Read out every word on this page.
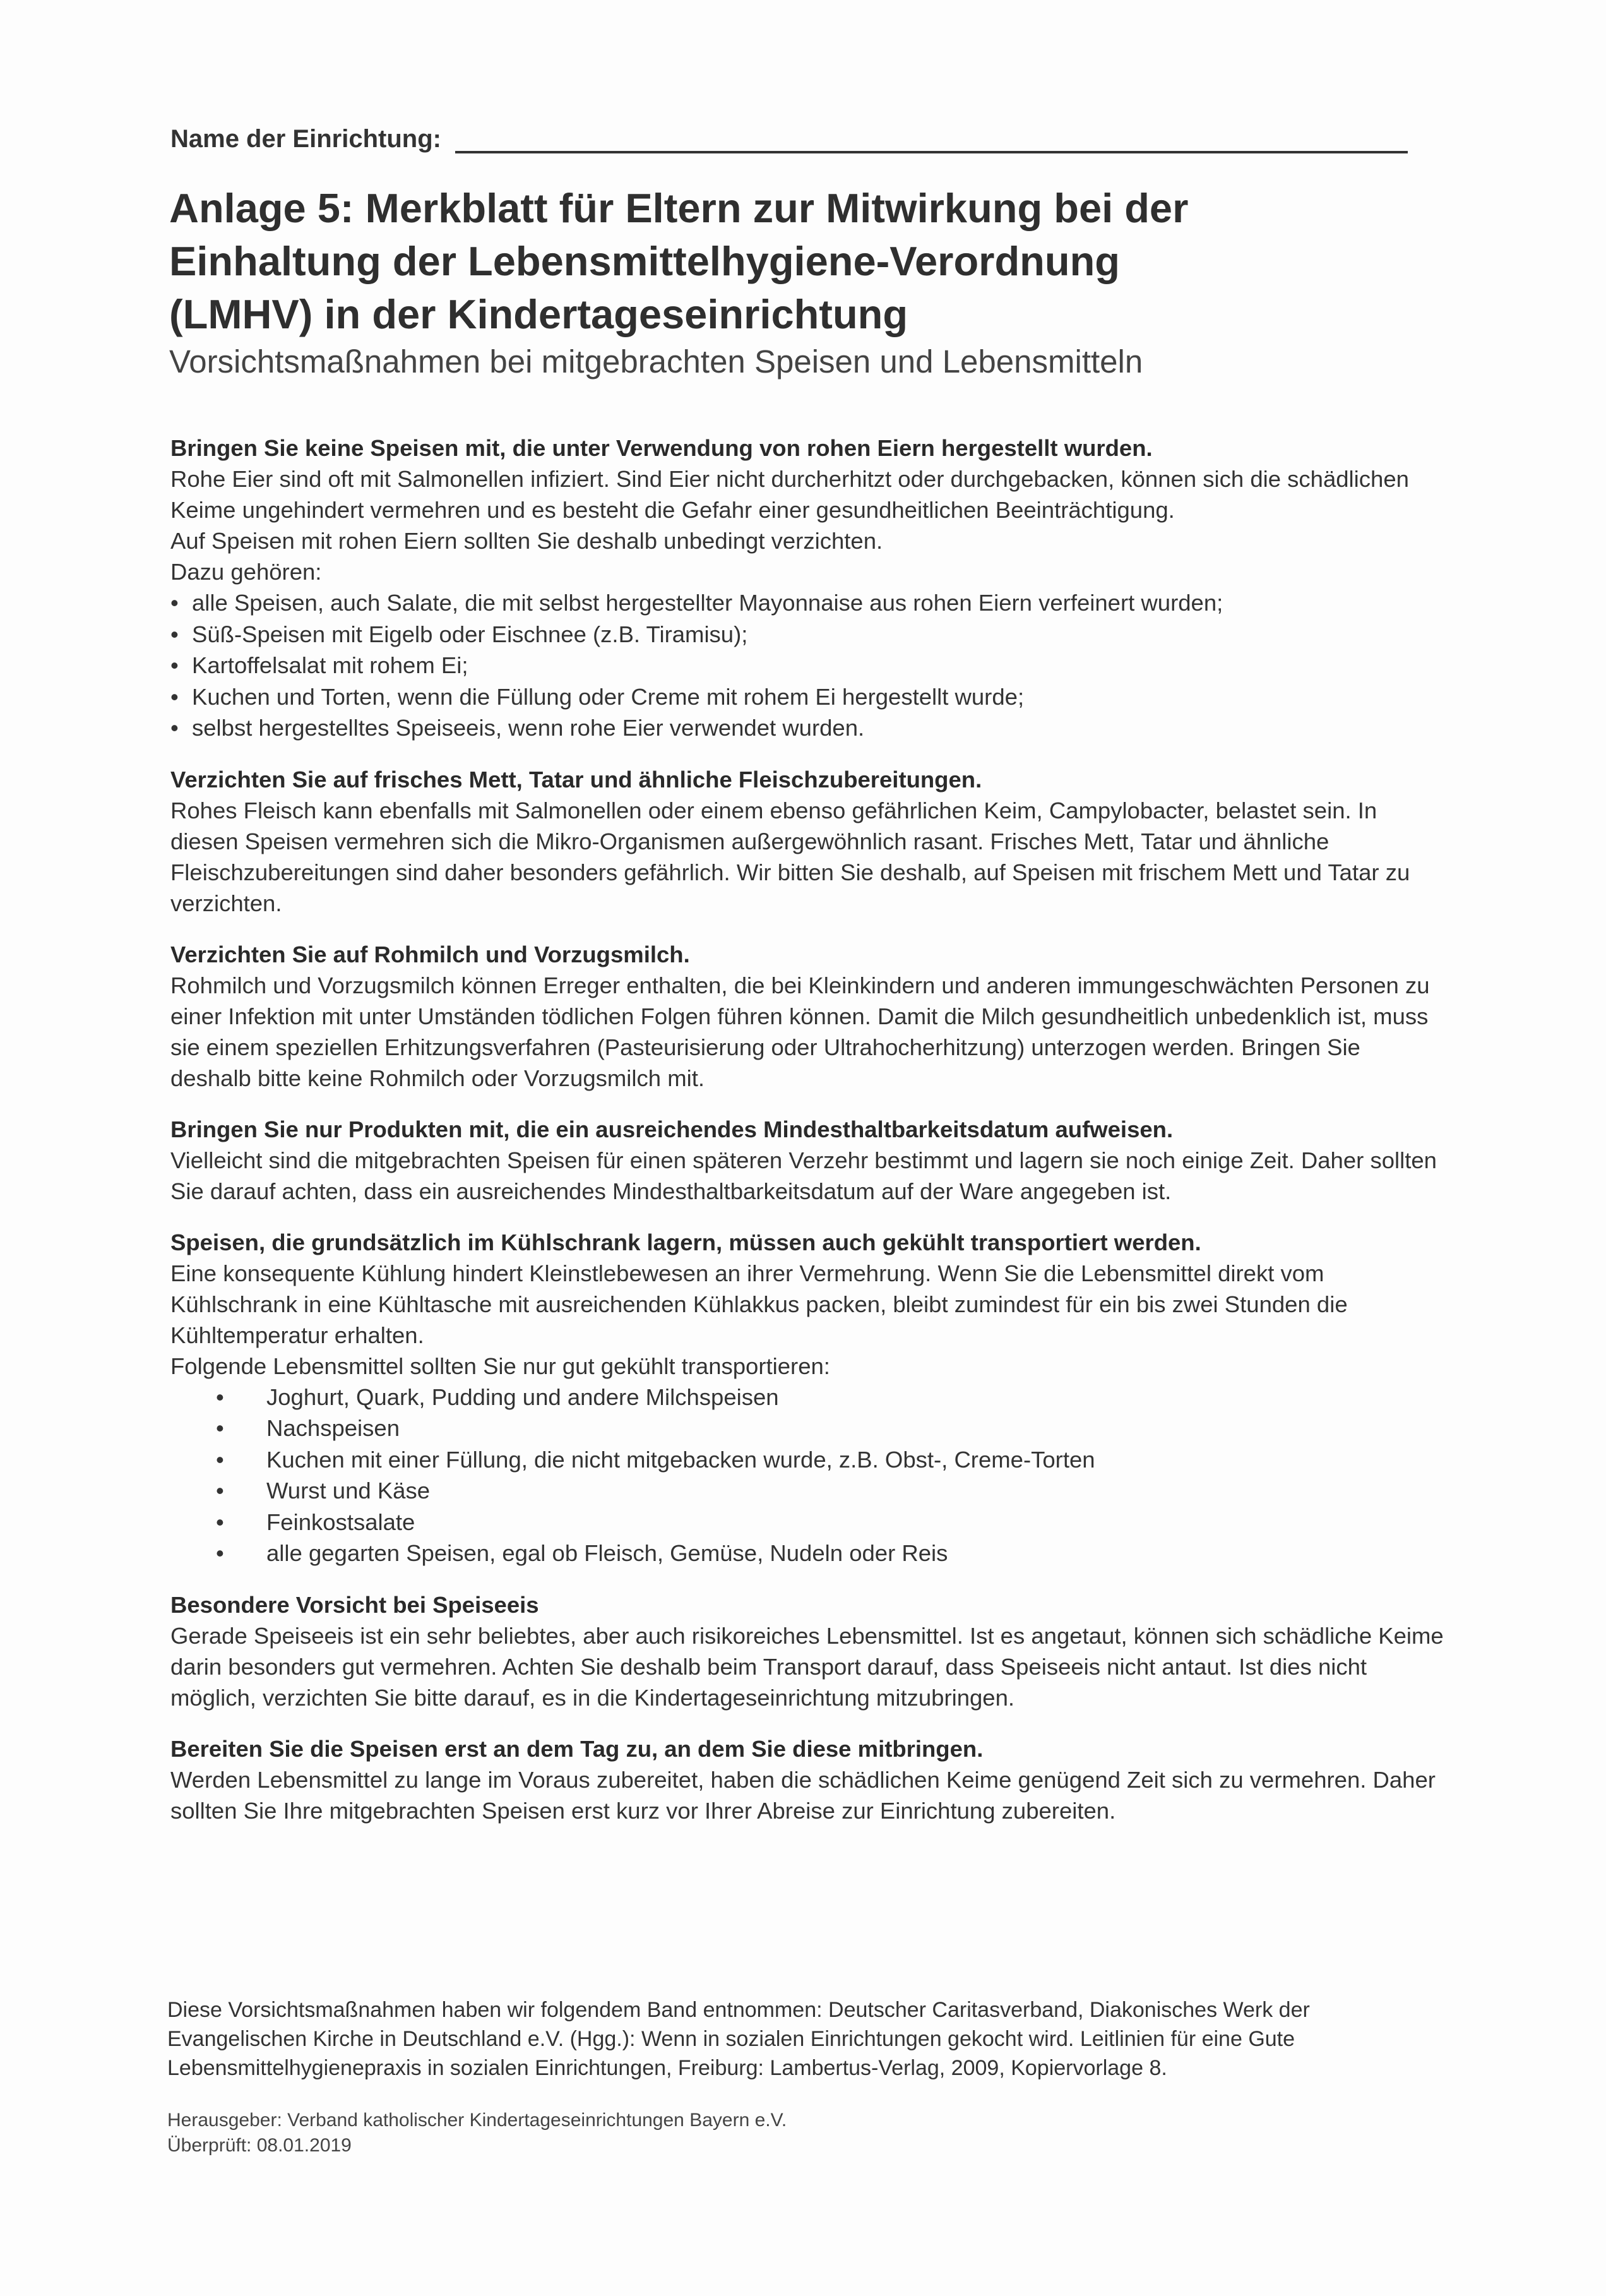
Name der Einrichtung:
Anlage 5: Merkblatt für Eltern zur Mitwirkung bei der
Einhaltung der Lebensmittelhygiene-Verordnung
(LMHV) in der Kindertageseinrichtung

Vorsichtsmaßnahmen bei mitgebrachten Speisen und Lebensmitteln

Bringen Sie keine Speisen mit, die unter Verwendung von rohen Eiern hergestellt wurden.

Rohe Eier sind oft mit Salmonellen infiziert. Sind Eier nicht durcherhitzt oder durchgebacken, können sich die schädlichen Keime ungehindert vermehren und es besteht die Gefahr einer gesundheitlichen Beeinträchtigung.

Auf Speisen mit rohen Eiern sollten Sie deshalb unbedingt verzichten.

Dazu gehören:

• alle Speisen, auch Salate, die mit selbst hergestellter Mayonnaise aus rohen Eiern verfeinert wurden;
• Süß-Speisen mit Eigelb oder Eischnee (z.B. Tiramisu);
• Kartoffelsalat mit rohem Ei;
• Kuchen und Torten, wenn die Füllung oder Creme mit rohem Ei hergestellt wurde;
• selbst hergestelltes Speiseeis, wenn rohe Eier verwendet wurden.

Verzichten Sie auf frisches Mett, Tatar und ähnliche Fleischzubereitungen.

Rohes Fleisch kann ebenfalls mit Salmonellen oder einem ebenso gefährlichen Keim, Campylobacter, belastet sein. In diesen Speisen vermehren sich die Mikro-Organismen außergewöhnlich rasant. Frisches Mett, Tatar und ähnliche Fleischzubereitungen sind daher besonders gefährlich. Wir bitten Sie deshalb, auf Speisen mit frischem Mett und Tatar zu verzichten.

Verzichten Sie auf Rohmilch und Vorzugsmilch.

Rohmilch und Vorzugsmilch können Erreger enthalten, die bei Kleinkindern und anderen immungeschwächten Personen zu einer Infektion mit unter Umständen tödlichen Folgen führen können. Damit die Milch gesundheitlich unbedenklich ist, muss sie einem speziellen Erhitzungsverfahren (Pasteurisierung oder Ultrahocherhitzung) unterzogen werden. Bringen Sie deshalb bitte keine Rohmilch oder Vorzugsmilch mit.

Bringen Sie nur Produkten mit, die ein ausreichendes Mindesthaltbarkeitsdatum aufweisen.

Vielleicht sind die mitgebrachten Speisen für einen späteren Verzehr bestimmt und lagern sie noch einige Zeit. Daher sollten Sie darauf achten, dass ein ausreichendes Mindesthaltbarkeitsdatum auf der Ware angegeben ist.

Speisen, die grundsätzlich im Kühlschrank lagern, müssen auch gekühlt transportiert werden.

Eine konsequente Kühlung hindert Kleinstlebewesen an ihrer Vermehrung. Wenn Sie die Lebensmittel direkt vom Kühlschrank in eine Kühltasche mit ausreichenden Kühlakkus packen, bleibt zumindest für ein bis zwei Stunden die Kühltemperatur erhalten.

Folgende Lebensmittel sollten Sie nur gut gekühlt transportieren:

• Joghurt, Quark, Pudding und andere Milchspeisen
• Nachspeisen
• Kuchen mit einer Füllung, die nicht mitgebacken wurde, z.B. Obst-, Creme-Torten
• Wurst und Käse
• Feinkostsalate
• alle gegarten Speisen, egal ob Fleisch, Gemüse, Nudeln oder Reis

Besondere Vorsicht bei Speiseeis

Gerade Speiseeis ist ein sehr beliebtes, aber auch risikoreiches Lebensmittel. Ist es angetaut, können sich schädliche Keime darin besonders gut vermehren. Achten Sie deshalb beim Transport darauf, dass Speiseeis nicht antaut. Ist dies nicht möglich, verzichten Sie bitte darauf, es in die Kindertageseinrichtung mitzubringen.

Bereiten Sie die Speisen erst an dem Tag zu, an dem Sie diese mitbringen.

Werden Lebensmittel zu lange im Voraus zubereitet, haben die schädlichen Keime genügend Zeit sich zu vermehren. Daher sollten Sie Ihre mitgebrachten Speisen erst kurz vor Ihrer Abreise zur Einrichtung zubereiten.

Diese Vorsichtsmaßnahmen haben wir folgendem Band entnommen: Deutscher Caritasverband, Diakonisches Werk der Evangelischen Kirche in Deutschland e.V. (Hgg.): Wenn in sozialen Einrichtungen gekocht wird. Leitlinien für eine Gute Lebensmittelhygienepraxis in sozialen Einrichtungen, Freiburg: Lambertus-Verlag, 2009, Kopiervorlage 8.

Herausgeber: Verband katholischer Kindertageseinrichtungen Bayern e.V.

Überprüft: 08.01.2019
